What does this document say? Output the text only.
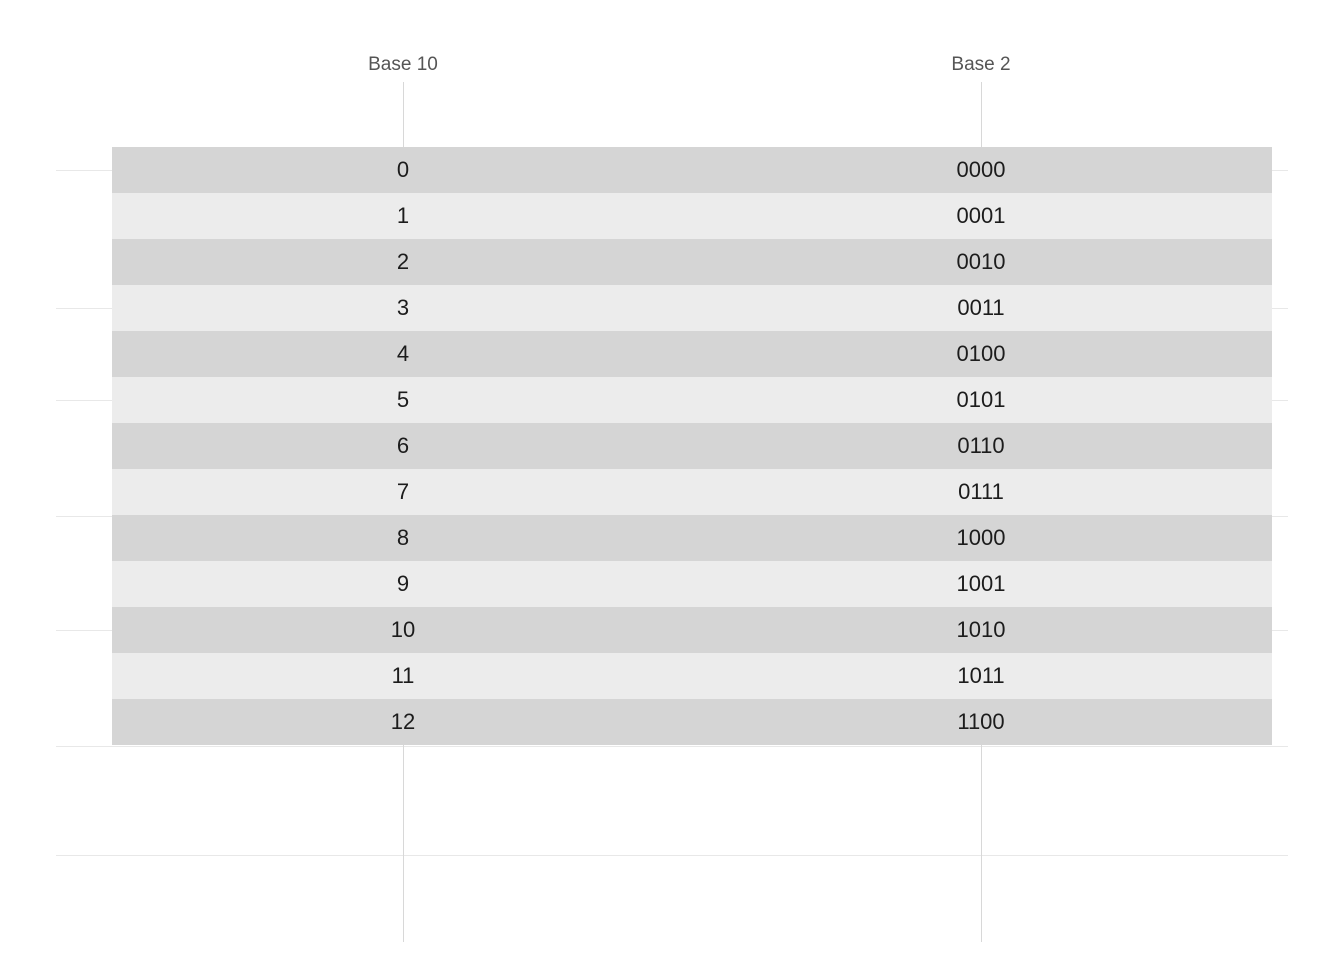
Base 10	Base 2
0
1
2
3
4
5
6
7
8
9
10
11
12
0000
0001
0010
0011
0100
0101
0110
0111
1000
1001
1010
1011
1100
